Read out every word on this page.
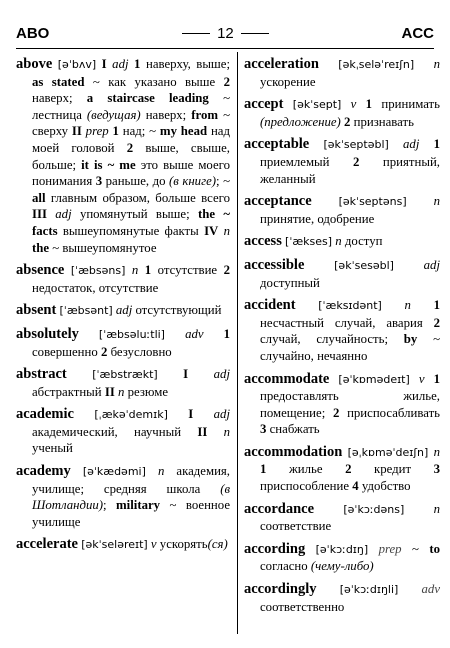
ABO	12	ACC
above [əˈbʌv] I adj 1 наверху, выше; as stated ~ как указано выше 2 наверх; a staircase leading ~ лестница (ведущая) наверх; from ~ сверху II prep 1 над; ~ my head над моей головой 2 выше, свыше, больше; it is ~ me это выше моего понимания 3 раньше, до (в книге); ~ all главным образом, больше всего III adj упомянутый выше; the ~ facts вышеупомянутые факты IV n the ~ вышеупомянутое
absence [ˈæbsəns] n 1 отсутствие 2 недостаток, отсутствие
absent [ˈæbsənt] adj отсутствующий
absolutely [ˈæbsəluːtli] adv 1 совершенно 2 безусловно
abstract [ˈæbstrækt] I adj абстрактный II n резюме
academic [ˌækəˈdemɪk] I adj академический, научный II n ученый
academy [əˈkædəmi] n академия, училище; средняя школа (в Шотландии); military ~ военное училище
accelerate [əkˈseləreɪt] v ускорять(ся)
acceleration [əkˌseləˈreɪʃn] n ускорение
accept [əkˈsept] v 1 принимать (предложение) 2 признавать
acceptable [əkˈseptəbl] adj 1 приемлемый 2 приятный, желанный
acceptance [əkˈseptəns] n принятие, одобрение
access [ˈækses] n доступ
accessible	[əkˈsesəbl] adj доступный
accident [ˈæksɪdənt] n 1 несчастный случай, авария 2 случай, случайность; by ~ случайно, нечаянно
accommodate [əˈkɒmədeɪt] v 1 предоставлять жилье, помещение; 2 приспосабливать 3 снабжать
accommodation [əˌkɒməˈdeɪʃn] n 1 жилье 2 кредит 3 приспособление 4 удобство
accordance	[əˈkɔːdəns] n соответствие
according [əˈkɔːdɪŋ] prep ~ to согласно (чему-либо)
accordingly [əˈkɔːdɪŋli] adv соответственно
